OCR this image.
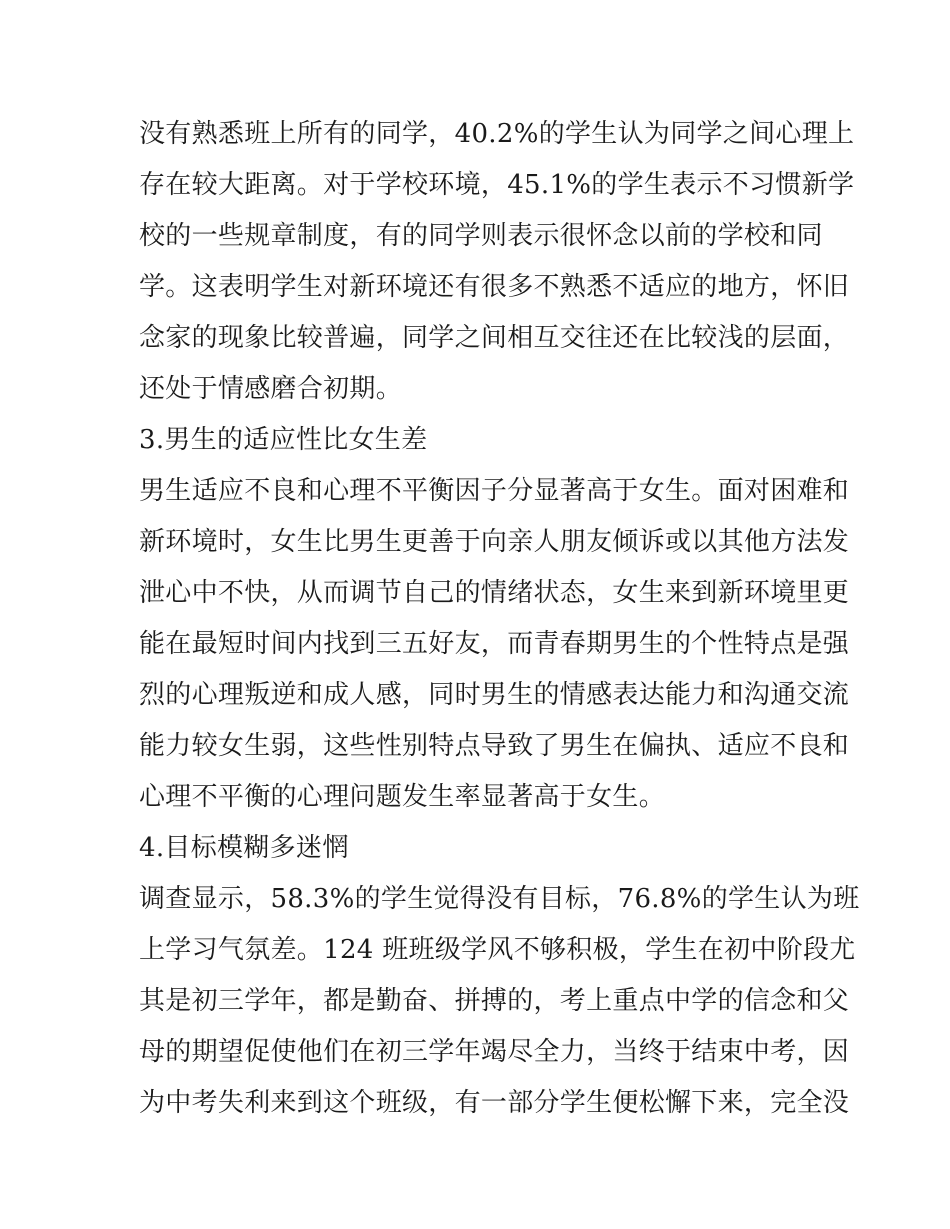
没有熟悉班上所有的同学，40.2%的学生认为同学之间心理上
存在较大距离。对于学校环境，45.1%的学生表示不习惯新学
校的一些规章制度，有的同学则表示很怀念以前的学校和同
学。这表明学生对新环境还有很多不熟悉不适应的地方，怀旧
念家的现象比较普遍，同学之间相互交往还在比较浅的层面，
还处于情感磨合初期。
3.男生的适应性比女生差
男生适应不良和心理不平衡因子分显著高于女生。面对困难和
新环境时，女生比男生更善于向亲人朋友倾诉或以其他方法发
泄心中不快，从而调节自己的情绪状态，女生来到新环境里更
能在最短时间内找到三五好友，而青春期男生的个性特点是强
烈的心理叛逆和成人感，同时男生的情感表达能力和沟通交流
能力较女生弱，这些性别特点导致了男生在偏执、适应不良和
心理不平衡的心理问题发生率显著高于女生。
4.目标模糊多迷惘
调查显示，58.3%的学生觉得没有目标，76.8%的学生认为班
上学习气氛差。124 班班级学风不够积极，学生在初中阶段尤
其是初三学年，都是勤奋、拼搏的，考上重点中学的信念和父
母的期望促使他们在初三学年竭尽全力，当终于结束中考，因
为中考失利来到这个班级，有一部分学生便松懈下来，完全没
